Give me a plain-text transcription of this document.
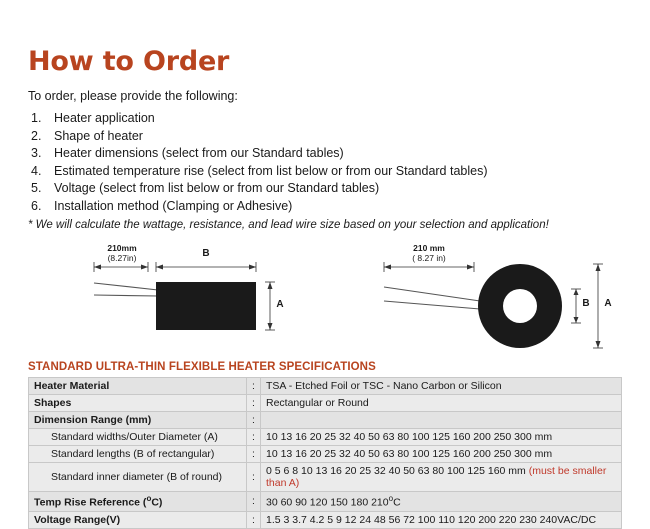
How to Order
To order, please provide the following:
1. Heater application
2. Shape of heater
3. Heater dimensions (select from our Standard tables)
4. Estimated temperature rise (select from list below or from our Standard tables)
5. Voltage (select from list below or from our Standard tables)
6. Installation method (Clamping or Adhesive)
* We will calculate the wattage, resistance, and lead wire size based on your selection and application!
210mm
(8.27in)	B
A
210 mm
( 8.27 in)
B	A
STANDARD ULTRA-THIN FLEXIBLE HEATER SPECIFICATIONS
Heater Material	:	TSA - Etched Foil or TSC - Nano Carbon or Silicon
Shapes	:	Rectangular or Round
Dimension Range (mm)	:	
Standard widths/Outer Diameter (A)	:	10 13 16 20 25 32 40 50 63 80 100 125 160 200 250 300 mm
Standard lengths (B of rectangular)	:	10 13 16 20 25 32 40 50 63 80 100 125 160 200 250 300 mm
Standard inner diameter (B of round)	:	0 5 6 8 10 13 16 20 25 32 40 50 63 80 100 125 160 mm (must be smaller than A)
Temp Rise Reference ($^o$C)	:	30 60 90 120 150 180 210$^o$C
Voltage Range(V)	:	1.5 3 3.7 4.2 5 9 12 24 48 56 72 100 110 120 200 220 230 240VAC/DC
